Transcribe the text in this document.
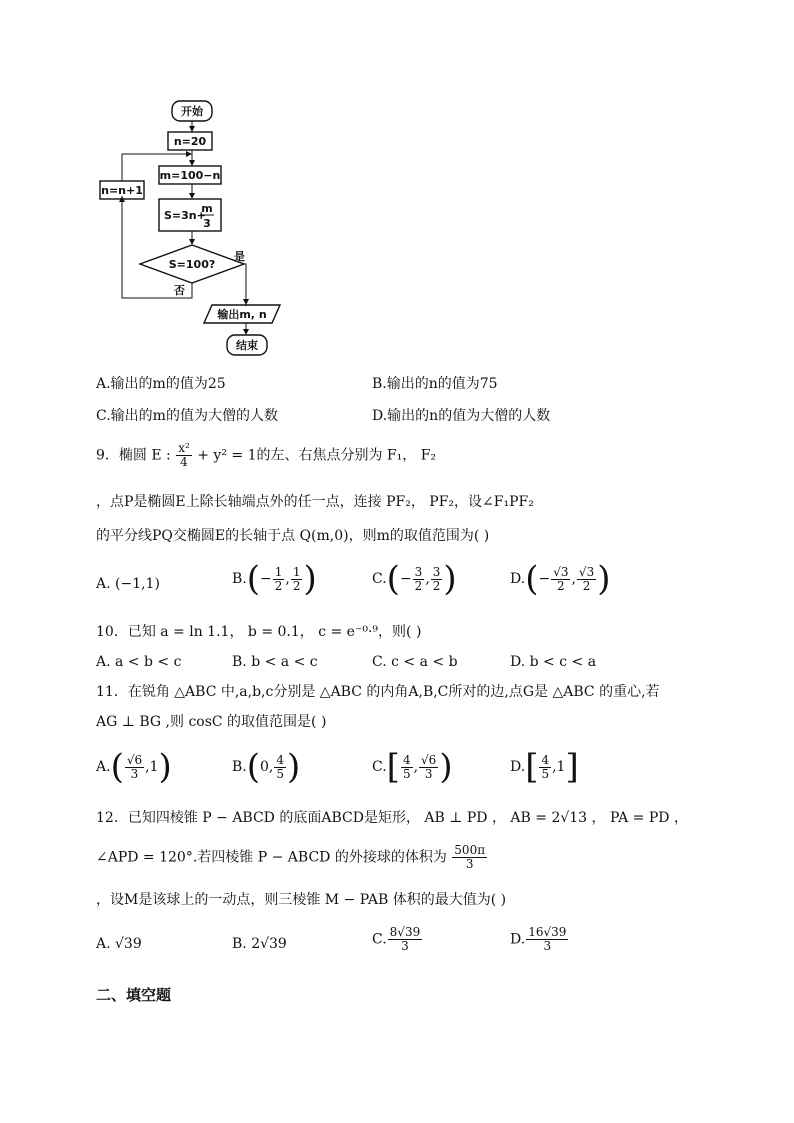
开始
n=20
m=100−n
S=3n+
m
3
S=100?
是
否
n=n+1
输出m, n
结束
A.输出的m的值为25	B.输出的n的值为75
C.输出的m的值为大僧的人数	D.输出的n的值为大僧的人数
9．椭圆 E : $\frac{\text{x²}}{4} + y^2 = 1$的左、右焦点分别为 F₁， F₂
，点P是椭圆E上除长轴端点外的任一点，连接 PF₂， PF₂，设∠F₁PF₂
的平分线PQ交椭圆E的长轴于点 Q(m,0)，则m的取值范围为( )
A. (−1,1)	$B.(- \frac{1}{2}$ , $\frac{1}{2}$ )	$C.(- \frac{3}{2}$ , $\frac{3}{2}$ )	$D.(- \frac{√3}{2}$ , $\frac{√3}{2}$ )
10．已知 a = ln 1.1， b = 0.1， c = e⁻⁰·⁹，则( )
A. a < b < c	B. b < a < c	C. c < a < b	D. b < c < a
11．在锐角 △ABC 中,a,b,c分别是 △ABC 的内角A,B,C所对的边,点G是 △ABC 的重心,若
AG ⊥ BG ,则 cosC 的取值范围是( )
$A.( \frac{√6}{3} ,1)$	B.(0, $\frac{4}{5}$ )	$C.[ \frac{4}{5}$ , $\frac{√6}{3}$ )	$D.[ \frac{4}{5} ,1]$
12．已知四棱锥 P − ABCD 的底面ABCD是矩形， AB ⊥ PD ， AB = 2√13 ， PA = PD ，
∠APD = 120°.若四棱锥 P − ABCD 的外接球的体积为 $\frac{500\pi}{3}$
，设M是该球上的一动点，则三棱锥 M − PAB 体积的最大值为( )
A. √39	B. 2√39	C. $\frac{8√39}{3}$	D. $\frac{16√39}{3}$
二、填空题
